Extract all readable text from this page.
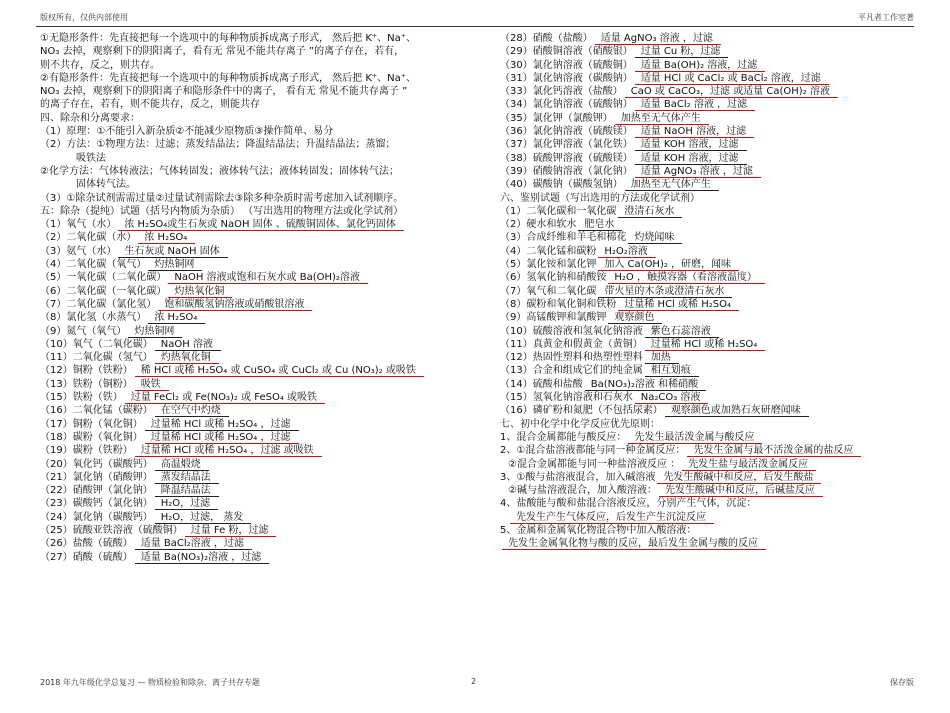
版权所有，仅供内部使用	平凡者工作室著
①无隐形条件：先直接把每一个选项中的每种物质拆成离子形式， 然后把 K⁺、Na⁺、
NO₃ 去掉，观察剩下的阴阳离子，看有无 常见不能共存离子 ”的离子存在，若有，
则不共存，反之，则共存。
②有隐形条件：先直接把每一个选项中的每种物质拆成离子形式， 然后把 K⁺、Na⁺、
NO₃ 去掉，观察剩下的阴阳离子和隐形条件中的离子， 看有无 常见不能共存离子 ”
的离子存在，若有，则不能共存，反之，则能共存
四、除杂和分离要求：
（1）原理：①不能引入新杂质②不能减少原物质③操作简单、易分
（2）方法：①物理方法：过滤；蒸发结晶法；降温结晶法；升温结晶法；蒸馏；
吸铁法
②化学方法：气体转液法；气体转固发；液体转气法；液体转固发；固体转气法；
固体转气法。
（3）①除杂试剂需需过量②过量试剂需除去③除多种杂质时需考虑加入试剂顺序。
五：除杂（提纯）试题（括号内物质为杂质） （写出选用的物理方法或化学试剂）
（1）氧气（水） 浓 H₂SO₄或生石灰或 NaOH 固体 、硫酸铜固体、氯化钙固体
（2）二氧化碳（水） 浓 H₂SO₄
（3）氨气（水） 生石灰或 NaOH 固体
（4）二氧化碳（氧气） 灼热铜网
（5）一氧化碳（二氧化碳） NaOH 溶液或饱和石灰水或 Ba(OH)₂溶液
（6）二氧化碳（一氧化碳） 灼热氧化铜
（7）二氧化碳（氯化氢） 饱和碳酸氢钠溶液或硝酸银溶液
（8）氯化氢（水蒸气） 浓 H₂SO₄
（9）氮气（氧气） 灼热铜网
（10）氧气（二氧化碳） NaOH 溶液
（11）二氧化碳（氢气） 灼热氧化铜
（12）铜粉（铁粉） 稀 HCl 或稀 H₂SO₄ 或 CuSO₄ 或 CuCl₂ 或 Cu (NO₃)₂ 或吸铁
（13）铁粉（铜粉） 吸铁
（15）铁粉（铁） 过量 FeCl₂ 或 Fe(NO₃)₂ 或 FeSO₄ 或吸铁
（16）二氧化锰（碳粉） 在空气中灼烧
（17）铜粉（氧化铜） 过量稀 HCl 或稀 H₂SO₄ ，过滤
（18）碳粉（氧化铜） 过量稀 HCl 或稀 H₂SO₄ ，过滤
（19）碳粉（铁粉） 过量稀 HCl 或稀 H₂SO₄ ，过滤 或吸铁
（20）氧化钙（碳酸钙） 高温煅烧
（21）氯化钠（硝酸钾） 蒸发结晶法
（22）硝酸钾（氯化钠） 降温结晶法
（23）碳酸钙（氯化钠） H₂O，过滤
（24）氯化钠（碳酸钙） H₂O，过滤， 蒸发
（25）硫酸亚铁溶液（硫酸铜） 过量 Fe 粉，过滤
（26）盐酸（硫酸） 适量 BaCl₂溶液 ，过滤
（27）硝酸（硫酸） 适量 Ba(NO₃)₂溶液 ，过滤
（28）硝酸（盐酸） 适量 AgNO₃ 溶液 ，过滤
（29）硝酸铜溶液（硝酸银） 过量 Cu 粉，过滤
（30）氯化钠溶液（硫酸铜） 适量 Ba(OH)₂ 溶液，过滤
（31）氯化钠溶液（碳酸钠） 适量 HCl 或 CaCl₂ 或 BaCl₂ 溶液，过滤
（33）氯化钙溶液（盐酸） CaO 或 CaCO₃，过滤 或适量 Ca(OH)₂ 溶液
（34）氯化钠溶液（硫酸钠） 适量 BaCl₂ 溶液 ，过滤
（35）氯化钾（氯酸钾） 加热至无气体产生
（36）氯化钠溶液（硫酸镁） 适量 NaOH 溶液，过滤
（37）氯化钾溶液（氯化铁） 适量 KOH 溶液，过滤
（38）硫酸钾溶液（硫酸镁） 适量 KOH 溶液，过滤
（39）硝酸钠溶液（氯化钠） 适量 AgNO₃ 溶液 ，过滤
（40）碳酸钠（碳酸氢钠） 加热至无气体产生
六、鉴别试题（写出选用的方法或化学试剂）
（1）二氧化碳和一氧化碳 澄清石灰水
（2）硬水和软水 肥皂水
（3）合成纤维和羊毛和棉花 灼烧闻味
（4）二氧化锰和碳粉 H₂O₂溶液
（5）氯化铵和氯化钾 加入 Ca(OH)₂ ，研磨，闻味
（6）氢氧化钠和硝酸铵 H₂O ，触摸容器（看溶液温度）
（7）氧气和二氧化碳 带火星的木条或澄清石灰水
（8）碳粉和氧化铜和铁粉 过量稀 HCl 或稀 H₂SO₄
（9）高锰酸钾和氯酸钾 观察颜色
（10）硫酸溶液和氢氧化钠溶液 紫色石蕊溶液
（11）真黄金和假黄金（黄铜） 过量稀 HCl 或稀 H₂SO₄
（12）热固性塑料和热塑性塑料 加热
（13）合金和组成它们的纯金属 相互划痕
（14）硫酸和盐酸 Ba(NO₃)₂溶液 和稀硝酸
（15）氢氧化钠溶液和石灰水 Na₂CO₃ 溶液
（16）磷矿粉和氮肥（不包括尿素） 观察颜色或加熟石灰研磨闻味
七、初中化学中化学反应优先原则：
1、混合金属都能与酸反应： 先发生最活泼金属与酸反应
2、①混合盐溶液都能与同一种金属反应： 先发生金属与最不活泼金属的盐反应
②混合金属都能与同一种盐溶液反应 ： 先发生盐与最活泼金属反应
3、①酸与盐溶液混合，加入碱溶液 先发生酸碱中和反应，后发生酸盐
②碱与盐溶液混合，加入酸溶液： 先发生酸碱中和反应，后碱盐反应
4、盐酸能与酸和盐混合溶液反应，分别产生气体，沉淀：
先发生产生气体反应，后发生产生沉淀反应
5、金属和金属氧化物混合物中加入酸溶液：
先发生金属氧化物与酸的反应，最后发生金属与酸的反应
2018 年九年级化学总复习 — 物质检验和除杂、离子共存专题	2	保存版
